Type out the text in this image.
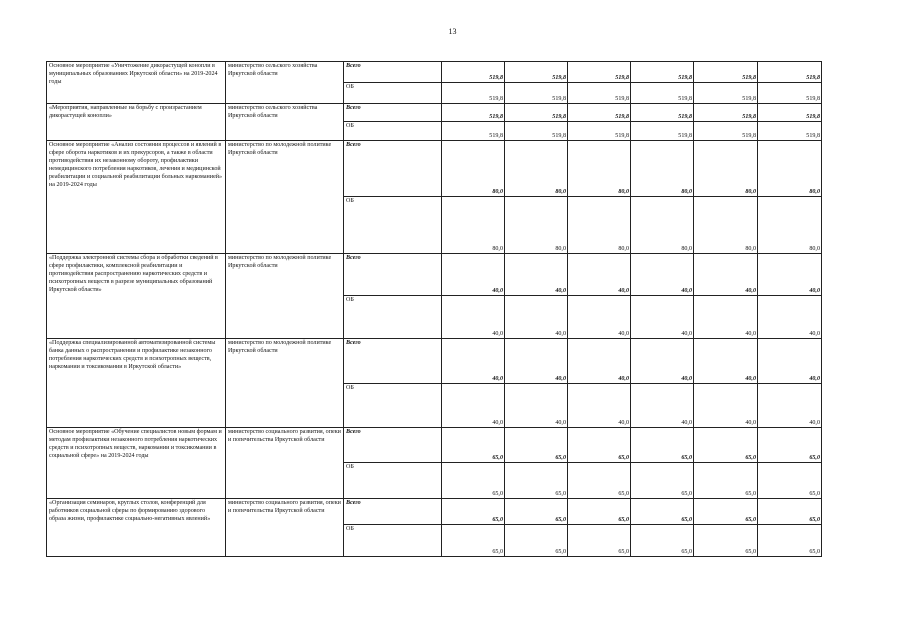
13
Основное мероприятие «Уничтожение дикорастущей конопли в муниципальных образованиях Иркутской области» на 2019-2024 годы	министерство сельского хозяйства Иркутской области	Всего	519,8	519,8	519,8	519,8	519,8	519,8
		ОБ	519,8	519,8	519,8	519,8	519,8	519,8
«Мероприятия, направленные на борьбу с произрастанием дикорастущей конопли»	министерство сельского хозяйства Иркутской области	Всего	519,8	519,8	519,8	519,8	519,8	519,8
		ОБ	519,8	519,8	519,8	519,8	519,8	519,8
Основное мероприятие «Анализ состояния процессов и явлений в сфере оборота наркотиков и их прекурсоров, а также в области противодействия их незаконному обороту, профилактики немедицинского потребления наркотиков, лечения и медицинской реабилитации и социальной реабилитации больных наркоманией» на 2019-2024 годы	министерство по молодежной политике Иркутской области	Всего	80,0	80,0	80,0	80,0	80,0	80,0
		ОБ	80,0	80,0	80,0	80,0	80,0	80,0
«Поддержка электронной системы сбора и обработки сведений в сфере профилактики, комплексной реабилитации и противодействия распространению наркотических средств и психотропных веществ в разрезе муниципальных образований Иркутской области»	министерство по молодежной политике Иркутской области	Всего	40,0	40,0	40,0	40,0	40,0	40,0
		ОБ	40,0	40,0	40,0	40,0	40,0	40,0
«Поддержка специализированной автоматизированной системы банка данных о распространении и профилактике незаконного потребления наркотических средств и психотропных веществ, наркомании и токсикомании в Иркутской области»	министерство по молодежной политике Иркутской области	Всего	40,0	40,0	40,0	40,0	40,0	40,0
		ОБ	40,0	40,0	40,0	40,0	40,0	40,0
Основное мероприятие «Обучение специалистов новым формам и методам профилактики незаконного потребления наркотических средств и психотропных веществ, наркомании и токсикомании в социальной сфере» на 2019-2024 годы	министерство социального развития, опеки и попечительства Иркутской области	Всего	65,0	65,0	65,0	65,0	65,0	65,0
		ОБ	65,0	65,0	65,0	65,0	65,0	65,0
«Организация семинаров, круглых столов, конференций для работников социальной сферы по формированию здорового образа жизни, профилактике социально-негативных явлений»	министерство социального развития, опеки и попечительства Иркутской области	Всего	65,0	65,0	65,0	65,0	65,0	65,0
		ОБ	65,0	65,0	65,0	65,0	65,0	65,0
